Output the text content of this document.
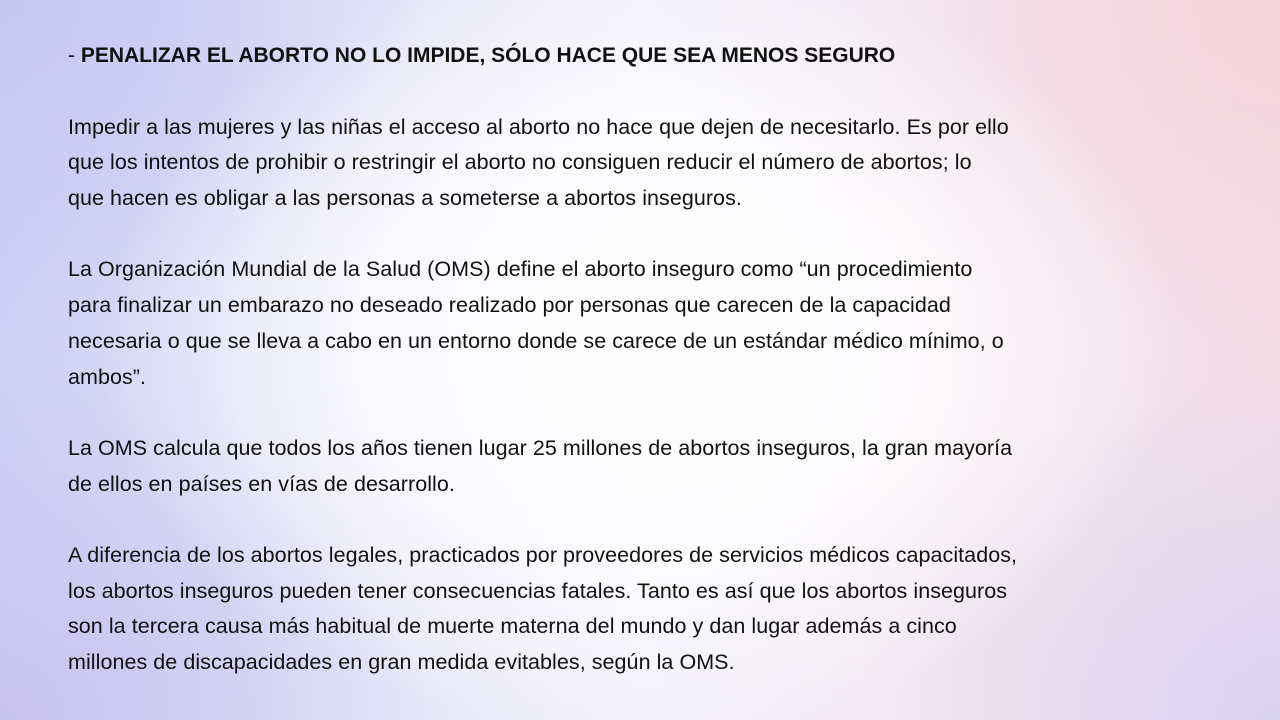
- PENALIZAR EL ABORTO NO LO IMPIDE, SÓLO HACE QUE SEA MENOS SEGURO

Impedir a las mujeres y las niñas el acceso al aborto no hace que dejen de necesitarlo. Es por ello
que los intentos de prohibir o restringir el aborto no consiguen reducir el número de abortos; lo
que hacen es obligar a las personas a someterse a abortos inseguros.

La Organización Mundial de la Salud (OMS) define el aborto inseguro como “un procedimiento
para finalizar un embarazo no deseado realizado por personas que carecen de la capacidad
necesaria o que se lleva a cabo en un entorno donde se carece de un estándar médico mínimo, o
ambos”.

La OMS calcula que todos los años tienen lugar 25 millones de abortos inseguros, la gran mayoría
de ellos en países en vías de desarrollo.

A diferencia de los abortos legales, practicados por proveedores de servicios médicos capacitados,
los abortos inseguros pueden tener consecuencias fatales. Tanto es así que los abortos inseguros
son la tercera causa más habitual de muerte materna del mundo y dan lugar además a cinco
millones de discapacidades en gran medida evitables, según la OMS.
